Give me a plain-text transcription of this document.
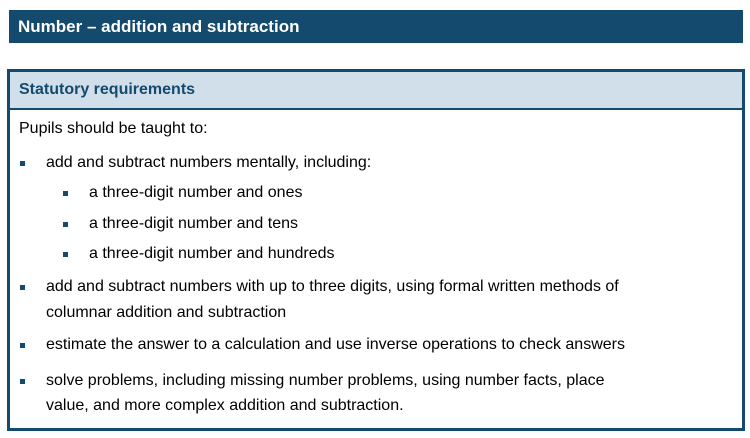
Number – addition and subtraction
Statutory requirements
Pupils should be taught to:
add and subtract numbers mentally, including:
a three-digit number and ones
a three-digit number and tens
a three-digit number and hundreds
add and subtract numbers with up to three digits, using formal written methods of
columnar addition and subtraction
estimate the answer to a calculation and use inverse operations to check answers
solve problems, including missing number problems, using number facts, place
value, and more complex addition and subtraction.
